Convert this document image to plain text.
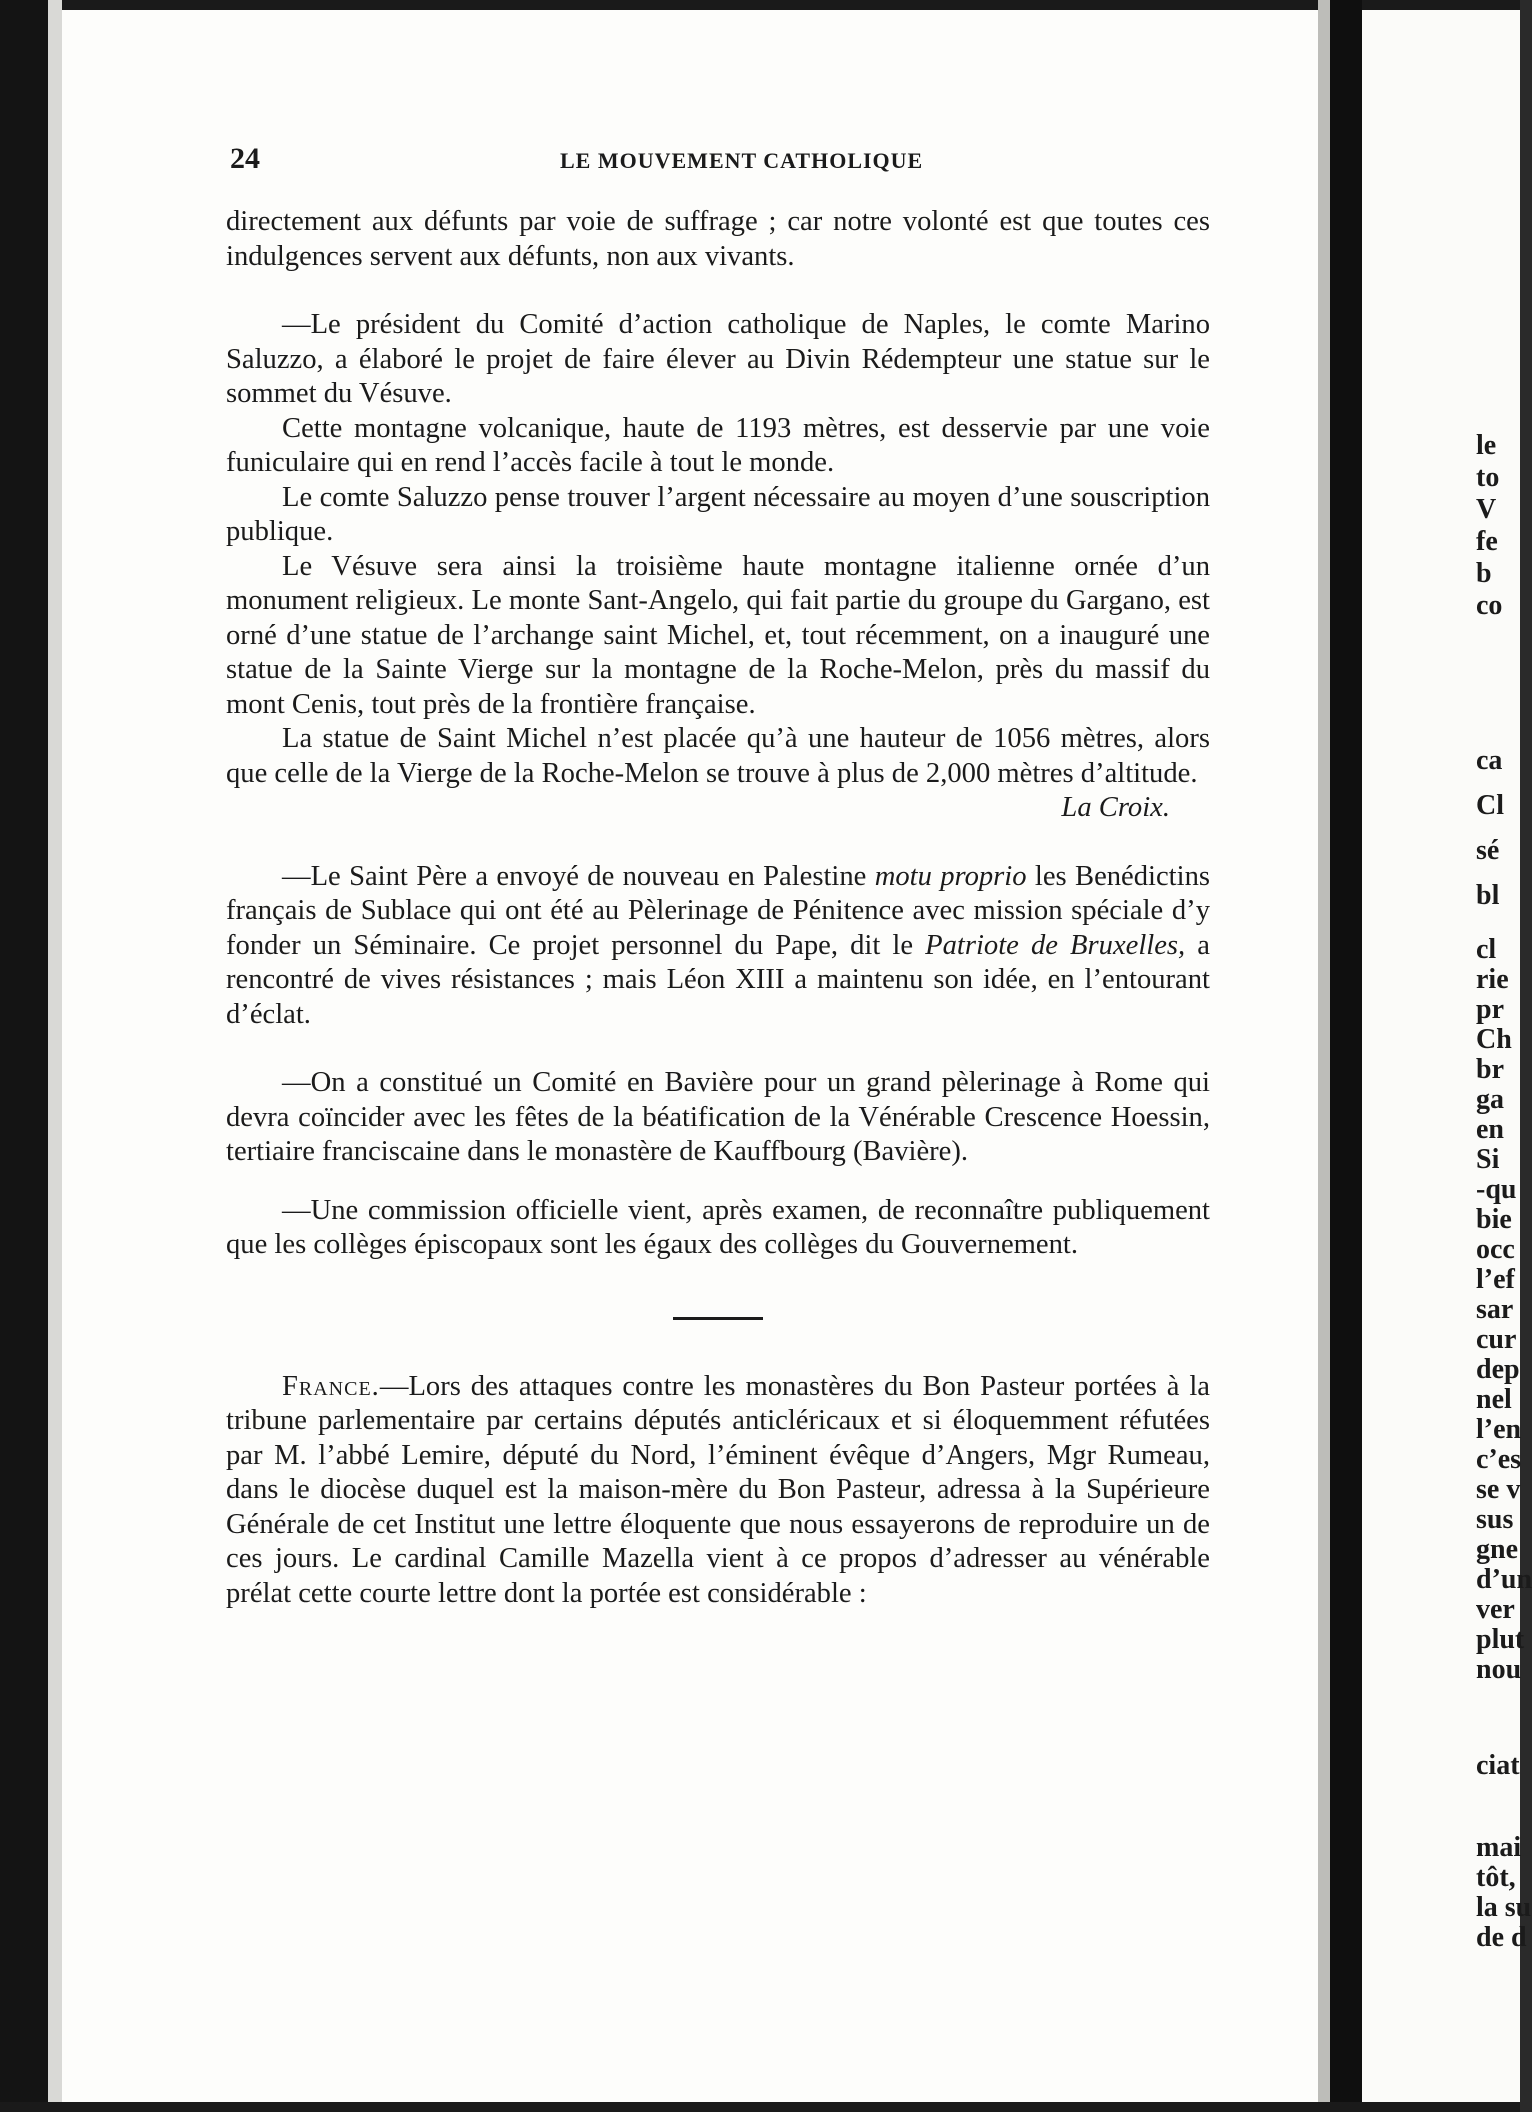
24	LE MOUVEMENT CATHOLIQUE

directement aux défunts par voie de suffrage ; car notre volonté est que toutes ces indulgences servent aux défunts, non aux vivants.

—Le président du Comité d’action catholique de Naples, le comte Marino Saluzzo, a élaboré le projet de faire élever au Divin Rédempteur une statue sur le sommet du Vésuve.

Cette montagne volcanique, haute de 1193 mètres, est desservie par une voie funiculaire qui en rend l’accès facile à tout le monde.

Le comte Saluzzo pense trouver l’argent nécessaire au moyen d’une souscription publique.

Le Vésuve sera ainsi la troisième haute montagne italienne ornée d’un monument religieux. Le monte Sant-Angelo, qui fait partie du groupe du Gargano, est orné d’une statue de l’archange saint Michel, et, tout récemment, on a inauguré une statue de la Sainte Vierge sur la montagne de la Roche-Melon, près du massif du mont Cenis, tout près de la frontière française.

La statue de Saint Michel n’est placée qu’à une hauteur de 1056 mètres, alors que celle de la Vierge de la Roche-Melon se trouve à plus de 2,000 mètres d’altitude.

La Croix.

—Le Saint Père a envoyé de nouveau en Palestine motu proprio les Benédictins français de Sublace qui ont été au Pèlerinage de Pénitence avec mission spéciale d’y fonder un Séminaire. Ce projet personnel du Pape, dit le Patriote de Bruxelles, a rencontré de vives résistances ; mais Léon XIII a maintenu son idée, en l’entourant d’éclat.

—On a constitué un Comité en Bavière pour un grand pèlerinage à Rome qui devra coïncider avec les fêtes de la béatification de la Vénérable Crescence Hoessin, tertiaire franciscaine dans le monastère de Kauffbourg (Bavière).

—Une commission officielle vient, après examen, de reconnaître publiquement que les collèges épiscopaux sont les égaux des collèges du Gouvernement.

France.—Lors des attaques contre les monastères du Bon Pasteur portées à la tribune parlementaire par certains députés anticléricaux et si éloquemment réfutées par M. l’abbé Lemire, député du Nord, l’éminent évêque d’Angers, Mgr Rumeau, dans le diocèse duquel est la maison-mère du Bon Pasteur, adressa à la Supérieure Générale de cet Institut une lettre éloquente que nous essayerons de reproduire un de ces jours. Le cardinal Camille Mazella vient à ce propos d’adresser au vénérable prélat cette courte lettre dont la portée est considérable :

le
to
V
fe
b
co
ca
Cl
sé
bl
cl
rie
pr
Ch
br
ga
en
Si
-qu
bie
occ
l’ef
sar
cur
dep
nel
l’en
c’es
se v
sus
gne
d’un
ver
plut
nou
ciat
mai
tôt,
la su
de d
